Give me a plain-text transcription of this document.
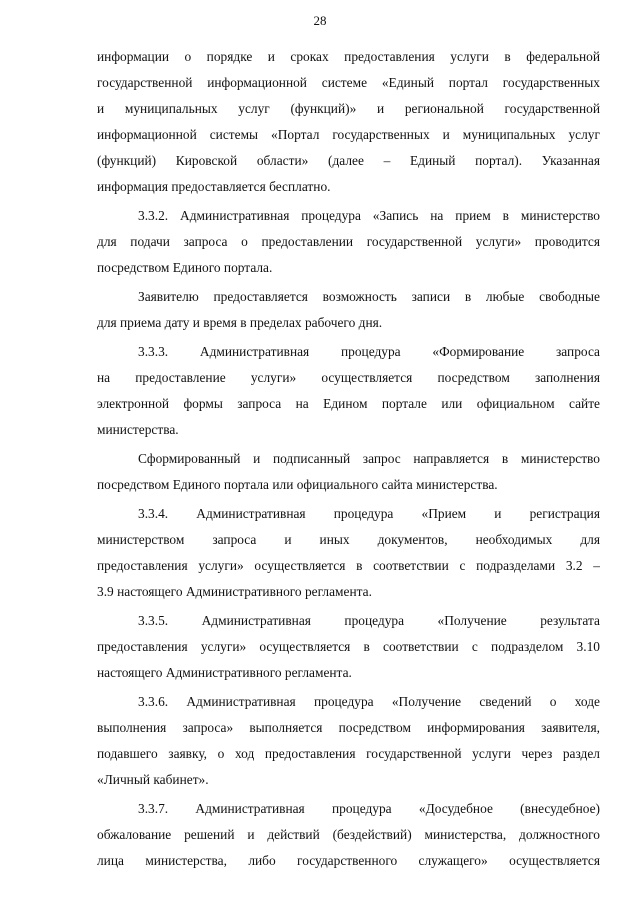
28
информации о порядке и сроках предоставления услуги в федеральной
государственной информационной системе «Единый портал государственных
и муниципальных услуг (функций)» и региональной государственной
информационной системы «Портал государственных и муниципальных услуг
(функций) Кировской области» (далее – Единый портал). Указанная
информация предоставляется бесплатно.
3.3.2. Административная процедура «Запись на прием в министерство
для подачи запроса о предоставлении государственной услуги» проводится
посредством Единого портала.
Заявителю предоставляется возможность записи в любые свободные
для приема дату и время в пределах рабочего дня.
3.3.3. Административная процедура «Формирование запроса
на предоставление услуги» осуществляется посредством заполнения
электронной формы запроса на Едином портале или официальном сайте
министерства.
Сформированный и подписанный запрос направляется в министерство
посредством Единого портала или официального сайта министерства.
3.3.4. Административная процедура «Прием и регистрация
министерством запроса и иных документов, необходимых для
предоставления услуги» осуществляется в соответствии с подразделами 3.2 –
3.9 настоящего Административного регламента.
3.3.5. Административная процедура «Получение результата
предоставления услуги» осуществляется в соответствии с подразделом 3.10
настоящего Административного регламента.
3.3.6. Административная процедура «Получение сведений о ходе
выполнения запроса» выполняется посредством информирования заявителя,
подавшего заявку, о ход предоставления государственной услуги через раздел
«Личный кабинет».
3.3.7. Административная процедура «Досудебное (внесудебное)
обжалование решений и действий (бездействий) министерства, должностного
лица министерства, либо государственного служащего» осуществляется
